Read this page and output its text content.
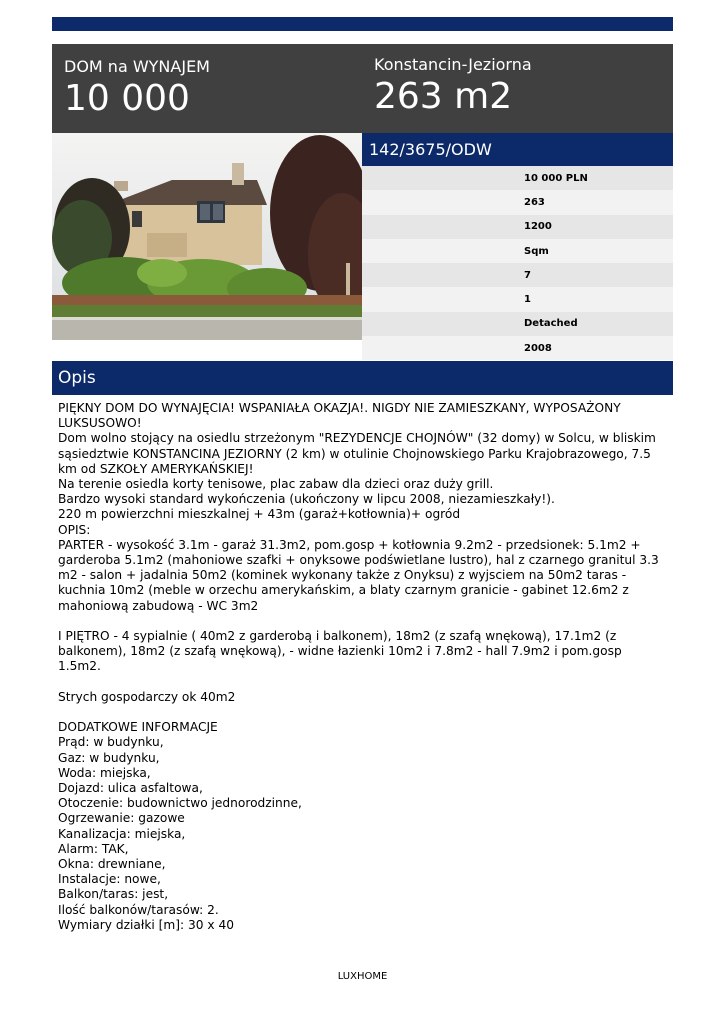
DOM na WYNAJEM
10 000
Konstancin-Jeziorna
263 m2
142/3675/ODW
10 000 PLN
263
1200
Sqm
7
1
Detached
2008
Opis

PIĘKNY DOM DO WYNAJĘCIA! WSPANIAŁA OKAZJA!. NIGDY NIE ZAMIESZKANY, WYPOSAŻONY LUKSUSOWO!

Dom wolno stojący na osiedlu strzeżonym "REZYDENCJE CHOJNÓW" (32 domy) w Solcu, w bliskim sąsiedztwie KONSTANCINA JEZIORNY (2 km) w otulinie Chojnowskiego Parku Krajobrazowego, 7.5 km od SZKOŁY AMERYKAŃSKIEJ!

Na terenie osiedla korty tenisowe, plac zabaw dla dzieci oraz duży grill.

Bardzo wysoki standard wykończenia (ukończony w lipcu 2008, niezamieszkały!).

220 m powierzchni mieszkalnej + 43m (garaż+kotłownia)+ ogród

OPIS:

PARTER - wysokość 3.1m - garaż 31.3m2, pom.gosp + kotłownia 9.2m2 - przedsionek: 5.1m2 + garderoba 5.1m2 (mahoniowe szafki + onyksowe podświetlane lustro), hal z czarnego granitul 3.3 m2 - salon + jadalnia 50m2 (kominek wykonany także z Onyksu) z wyjsciem na 50m2 taras - kuchnia 10m2 (meble w orzechu amerykańskim, a blaty czarnym granicie - gabinet 12.6m2 z mahoniową zabudową - WC 3m2

I PIĘTRO - 4 sypialnie ( 40m2 z garderobą i balkonem), 18m2 (z szafą wnękową), 17.1m2 (z balkonem), 18m2 (z szafą wnękową), - widne łazienki 10m2 i 7.8m2 - hall 7.9m2 i pom.gosp 1.5m2.

Strych gospodarczy ok 40m2

DODATKOWE INFORMACJE

Prąd: w budynku,

Gaz: w budynku,

Woda: miejska,

Dojazd: ulica asfaltowa,

Otoczenie: budownictwo jednorodzinne,

Ogrzewanie: gazowe

Kanalizacja: miejska,

Alarm: TAK,

Okna: drewniane,

Instalacje: nowe,

Balkon/taras: jest,

Ilość balkonów/tarasów: 2.

Wymiary działki [m]: 30 x 40

LUXHOME
